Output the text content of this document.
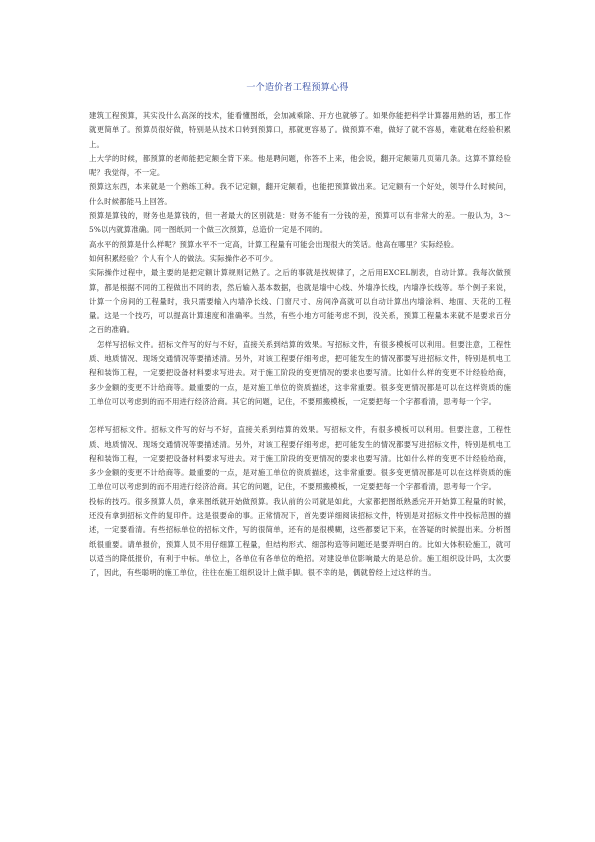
一个造价者工程预算心得

建筑工程预算，其实没什么高深的技术，能看懂图纸，会加减乘除、开方也就够了。如果你能把科学计算器用熟的话，那工作就更简单了。预算员很好做，特别是从技术口转到预算口，那就更容易了。做预算不难，做好了就不容易，难就难在经验积累上。

上大学的时候，都预算的老师能把定额全背下来。他是聘问题，你答不上来，他会说，翻开定额第几页第几条。这算不算经验呢？我觉得，不一定。

预算这东西，本来就是一个熟练工种。我不记定额，翻开定额看，也能把预算做出来。记定额有一个好处，领导什么时候问，什么时候都能马上回答。

预算是算钱的，财务也是算钱的，但一者最大的区别就是：财务不能有一分钱的差，预算可以有非常大的差。一般认为，3～5%以内就算准确。同一图纸同一个做三次预算，总造价一定是不同的。

高水平的预算是什么样呢？预算水平不一定高，计算工程量有可能会出现很大的笑话。他高在哪里？实际经验。

如何积累经验？个人有个人的做法。实际操作必不可少。

实际操作过程中，最主要的是把定额计算规则记熟了。之后的事就是找规律了，之后用EXCEL制表，自动计算。我每次做预算，都是根据不同的工程做出不同的表，然后输入基本数据，也就是墙中心线、外墙净长线，内墙净长线等。举个例子来说，计算一个房间的工程量时，我只需要输入内墙净长线、门窗尺寸、房间净高就可以自动计算出内墙涂料、地面、天花的工程量。这是一个技巧，可以提高计算速度和准确率。当然，有些小地方可能考虑不到，没关系，预算工程量本来就不是要求百分之百的准确。

怎样写招标文件。招标文件写的好与不好，直接关系到结算的效果。写招标文件，有很多模板可以利用。但要注意，工程性质、地质情况、现场交通情况等要描述清。另外，对该工程要仔细考虑，把可能发生的情况都要写进招标文件，特别是机电工程和装饰工程，一定要把设备材料要求写进去。对于施工阶段的变更情况的要求也要写清。比如什么样的变更不计经验给商，多少金额的变更不计给商等。最重要的一点，是对施工单位的资质描述，这非常重要。很多变更情况都是可以在这样资质的施工单位可以考虑到的而不用进行经济洽商。其它的问题，记住，不要照搬模板，一定要把每一个字都看清，思考每一个字。

怎样写招标文件。招标文件写的好与不好，直接关系到结算的效果。写招标文件，有很多模板可以利用。但要注意，工程性质、地质情况、现场交通情况等要描述清。另外，对该工程要仔细考虑，把可能发生的情况都要写进招标文件，特别是机电工程和装饰工程，一定要把设备材料要求写进去。对于施工阶段的变更情况的要求也要写清。比如什么样的变更不计经验给商，多少金额的变更不计给商等。最重要的一点，是对施工单位的资质描述，这非常重要。很多变更情况都是可以在这样资质的施工单位可以考虑到的而不用进行经济洽商。其它的问题，记住，不要照搬模板，一定要把每一个字都看清，思考每一个字。

投标的技巧。很多预算人员，拿来图纸就开始做预算。我认前的公司就是如此，大家都把图纸熟悉完开开始算工程量的时候，还没有拿到招标文件的复印件。这是很要命的事。正常情况下，首先要详细阅读招标文件，特别是对招标文件中投标范围的描述，一定要看清。有些招标单位的招标文件，写的很简单，还有的是很模糊，这些都要记下来，在答疑的时候提出来。分析图纸很重要。请单报价，预算人员不用仔细算工程量，但结构形式、细部构造等问题还是要弄明白的。比如大体积砼施工，就可以适当的降低报价，有利于中标。单位上，各单位有各单位的绝招。对建设单位影响最大的是总价。施工组织设计吗，太次要了，因此，有些聪明的施工单位，往往在施工组织设计上做手脚。很不幸的是，偶就曾经上过这样的当。
